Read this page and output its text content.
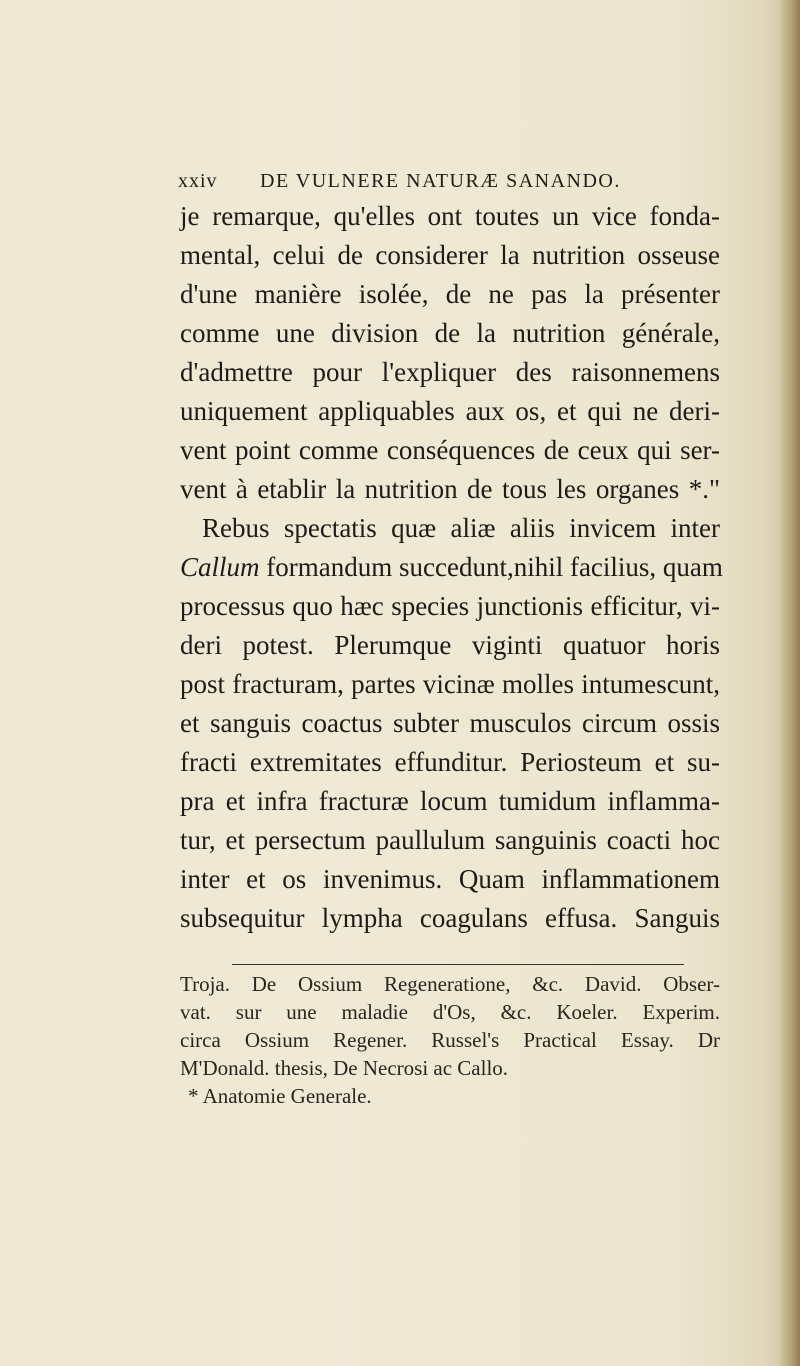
xxiv DE VULNERE NATURÆ SANANDO.
je remarque, qu'elles ont toutes un vice fonda-
mental, celui de considerer la nutrition osseuse
d'une manière isolée, de ne pas la présenter
comme une division de la nutrition générale,
d'admettre pour l'expliquer des raisonnemens
uniquement appliquables aux os, et qui ne deri-
vent point comme conséquences de ceux qui ser-
vent à etablir la nutrition de tous les organes *."
Rebus spectatis quæ aliæ aliis invicem inter
Callum formandum succedunt,nihil facilius, quam
processus quo hæc species junctionis efficitur, vi-
deri potest. Plerumque viginti quatuor horis
post fracturam, partes vicinæ molles intumescunt,
et sanguis coactus subter musculos circum ossis
fracti extremitates effunditur. Periosteum et su-
pra et infra fracturæ locum tumidum inflamma-
tur, et persectum paullulum sanguinis coacti hoc
inter et os invenimus. Quam inflammationem
subsequitur lympha coagulans effusa. Sanguis
Troja. De Ossium Regeneratione, &c. David. Obser-
vat. sur une maladie d'Os, &c. Koeler. Experim.
circa Ossium Regener. Russel's Practical Essay. Dr
M'Donald. thesis, De Necrosi ac Callo.
* Anatomie Generale.
